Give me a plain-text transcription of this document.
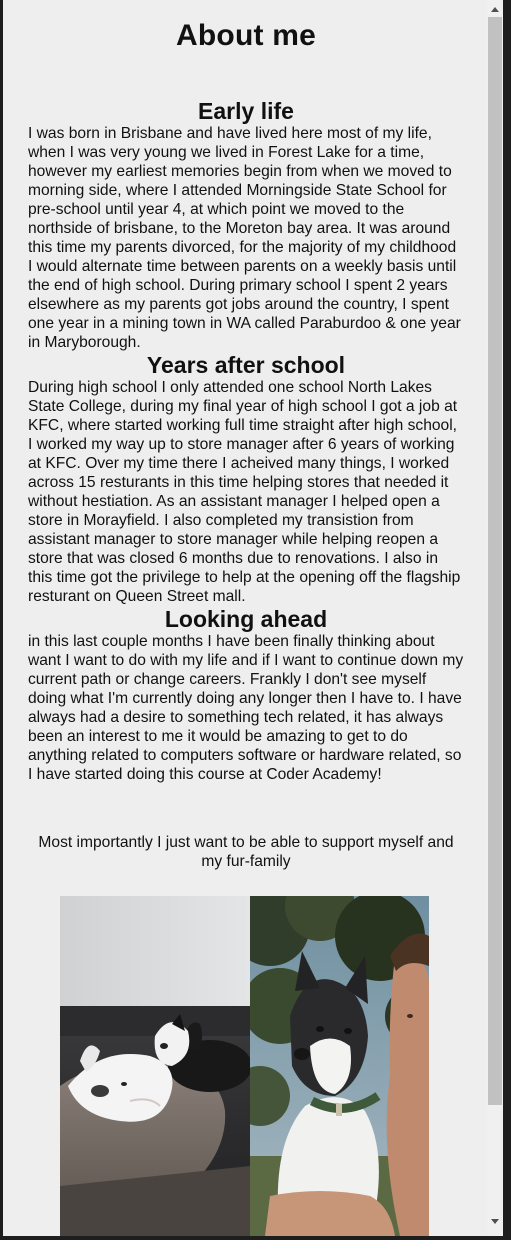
About me
Early life

I was born in Brisbane and have lived here most of my life, when I was very young we lived in Forest Lake for a time, however my earliest memories begin from when we moved to morning side, where I attended Morningside State School for pre-school until year 4, at which point we moved to the northside of brisbane, to the Moreton bay area. It was around this time my parents divorced, for the majority of my childhood I would alternate time between parents on a weekly basis until the end of high school. During primary school I spent 2 years elsewhere as my parents got jobs around the country, I spent one year in a mining town in WA called Paraburdoo & one year in Maryborough.

Years after school

During high school I only attended one school North Lakes State College, during my final year of high school I got a job at KFC, where started working full time straight after high school, I worked my way up to store manager after 6 years of working at KFC. Over my time there I acheived many things, I worked across 15 resturants in this time helping stores that needed it without hestiation. As an assistant manager I helped open a store in Morayfield. I also completed my transistion from assistant manager to store manager while helping reopen a store that was closed 6 months due to renovations. I also in this time got the privilege to help at the opening off the flagship resturant on Queen Street mall.

Looking ahead

in this last couple months I have been finally thinking about want I want to do with my life and if I want to continue down my current path or change careers. Frankly I don't see myself doing what I'm currently doing any longer then I have to. I have always had a desire to something tech related, it has always been an interest to me it would be amazing to get to do anything related to computers software or hardware related, so I have started doing this course at Coder Academy!

Most importantly I just want to be able to support myself and my fur-family
